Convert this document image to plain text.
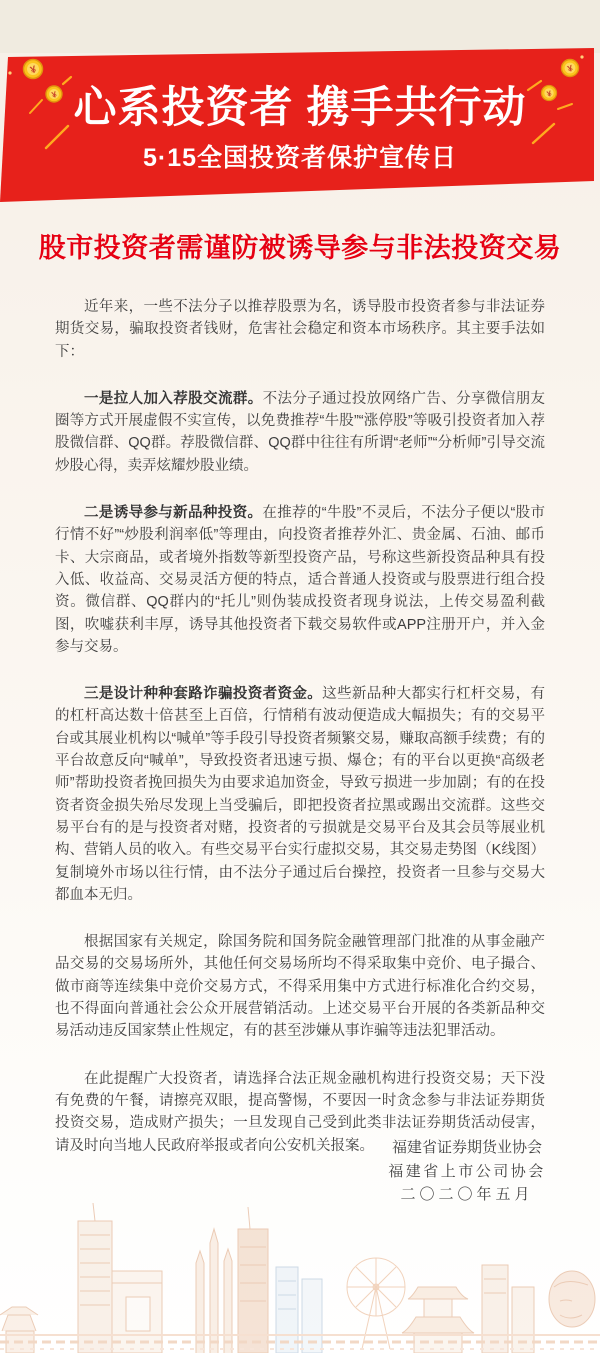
¥
¥
¥
¥
心系投资者 携手共行动
5·15全国投资者保护宣传日
股市投资者需谨防被诱导参与非法投资交易

近年来，一些不法分子以推荐股票为名，诱导股市投资者参与非法证券期货交易，骗取投资者钱财，危害社会稳定和资本市场秩序。其主要手法如下：

一是拉人加入荐股交流群。不法分子通过投放网络广告、分享微信朋友圈等方式开展虚假不实宣传，以免费推荐“牛股”“涨停股”等吸引投资者加入荐股微信群、QQ群。荐股微信群、QQ群中往往有所谓“老师”“分析师”引导交流炒股心得，卖弄炫耀炒股业绩。

二是诱导参与新品种投资。在推荐的“牛股”不灵后，不法分子便以“股市行情不好”“炒股利润率低”等理由，向投资者推荐外汇、贵金属、石油、邮币卡、大宗商品，或者境外指数等新型投资产品，号称这些新投资品种具有投入低、收益高、交易灵活方便的特点，适合普通人投资或与股票进行组合投资。微信群、QQ群内的“托儿”则伪装成投资者现身说法，上传交易盈利截图，吹嘘获利丰厚，诱导其他投资者下载交易软件或APP注册开户，并入金参与交易。

三是设计种种套路诈骗投资者资金。这些新品种大都实行杠杆交易，有的杠杆高达数十倍甚至上百倍，行情稍有波动便造成大幅损失；有的交易平台或其展业机构以“喊单”等手段引导投资者频繁交易，赚取高额手续费；有的平台故意反向“喊单”，导致投资者迅速亏损、爆仓；有的平台以更换“高级老师”帮助投资者挽回损失为由要求追加资金，导致亏损进一步加剧；有的在投资者资金损失殆尽发现上当受骗后，即把投资者拉黑或踢出交流群。这些交易平台有的是与投资者对赌，投资者的亏损就是交易平台及其会员等展业机构、营销人员的收入。有些交易平台实行虚拟交易，其交易走势图（K线图）复制境外市场以往行情，由不法分子通过后台操控，投资者一旦参与交易大都血本无归。

根据国家有关规定，除国务院和国务院金融管理部门批准的从事金融产品交易的交易场所外，其他任何交易场所均不得采取集中竞价、电子撮合、做市商等连续集中竞价交易方式，不得采用集中方式进行标准化合约交易，也不得面向普通社会公众开展营销活动。上述交易平台开展的各类新品种交易活动违反国家禁止性规定，有的甚至涉嫌从事诈骗等违法犯罪活动。

在此提醒广大投资者，请选择合法正规金融机构进行投资交易；天下没有免费的午餐，请擦亮双眼，提高警惕，不要因一时贪念参与非法证券期货投资交易，造成财产损失；一旦发现自己受到此类非法证券期货活动侵害，请及时向当地人民政府举报或者向公安机关报案。	福建省证券期货业协会
福建省上市公司协会
二〇二〇年五月
